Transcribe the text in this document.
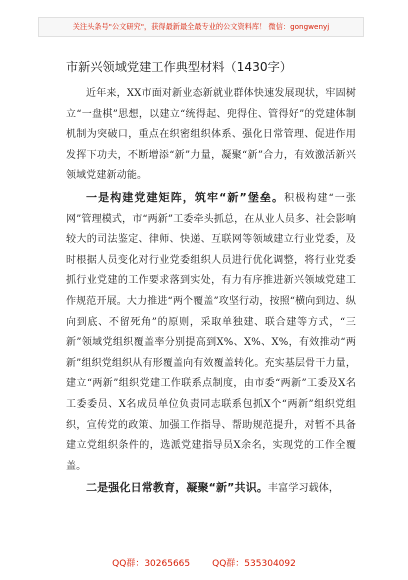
关注头条号"公文研究"，获得最新最全最专业的公文资料库！ 微信：gongwenyj
市新兴领域党建工作典型材料（1430字）

近年来，XX市面对新业态新就业群体快速发展现状，牢固树立“一盘棋”思想，以建立“统得起、兜得住、管得好”的党建体制机制为突破口，重点在织密组织体系、强化日常管理、促进作用发挥下功夫，不断增添“新”力量，凝聚“新”合力，有效激活新兴领域党建新动能。

一是构建党建矩阵，筑牢“新”堡垒。积极构建“一张网”管理模式，市“两新”工委牵头抓总，在从业人员多、社会影响较大的司法鉴定、律师、快递、互联网等领域建立行业党委，及时根据人员变化对行业党委组织人员进行优化调整，将行业党委抓行业党建的工作要求落到实处，有力有序推进新兴领域党建工作规范开展。大力推进“两个覆盖”攻坚行动，按照“横向到边、纵向到底、不留死角”的原则，采取单独建、联合建等方式，“三新”领域党组织覆盖率分别提高到X%、X%、X%，有效推动“两新”组织党组织从有形覆盖向有效覆盖转化。充实基层骨干力量，建立“两新”组织党建工作联系点制度，由市委“两新”工委及X名工委委员、X名成员单位负责同志联系包抓X个“两新”组织党组织，宣传党的政策、加强工作指导、帮助规范提升，对暂不具备建立党组织条件的，选派党建指导员X余名，实现党的工作全覆盖。

二是强化日常教育，凝聚“新”共识。丰富学习载体，

QQ群：30265665 QQ群：535304092
